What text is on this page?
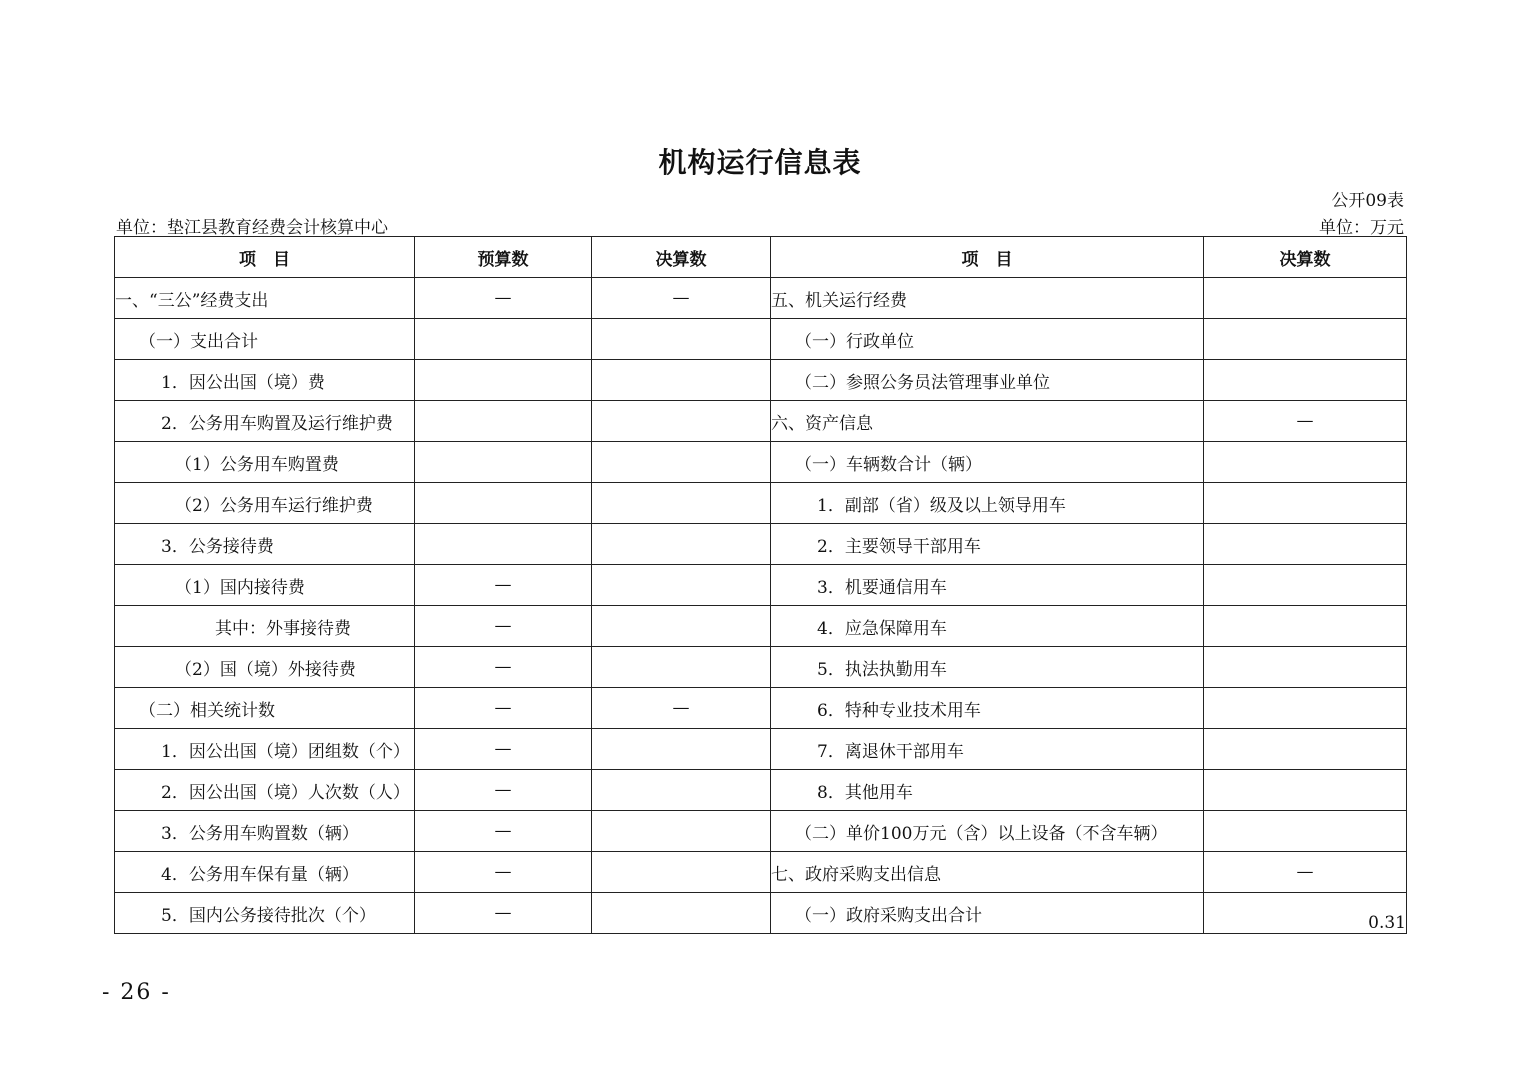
机构运行信息表
公开09表
单位：垫江县教育经费会计核算中心	单位：万元
项　目	预算数	决算数	项　目	决算数
一、“三公”经费支出	—	—	五、机关运行经费	
（一）支出合计			（一）行政单位	
1．因公出国（境）费			（二）参照公务员法管理事业单位	
2．公务用车购置及运行维护费			六、资产信息	—
（1）公务用车购置费			（一）车辆数合计（辆）	
（2）公务用车运行维护费			1．副部（省）级及以上领导用车	
3．公务接待费			2．主要领导干部用车	
（1）国内接待费	—		3．机要通信用车	
其中：外事接待费	—		4．应急保障用车	
（2）国（境）外接待费	—		5．执法执勤用车	
（二）相关统计数	—	—	6．特种专业技术用车	
1．因公出国（境）团组数（个）	—		7．离退休干部用车	
2．因公出国（境）人次数（人）	—		8．其他用车	
3．公务用车购置数（辆）	—		（二）单价100万元（含）以上设备（不含车辆）	
4．公务用车保有量（辆）	—		七、政府采购支出信息	—
5．国内公务接待批次（个）	—		（一）政府采购支出合计	0.31
- 26 -
